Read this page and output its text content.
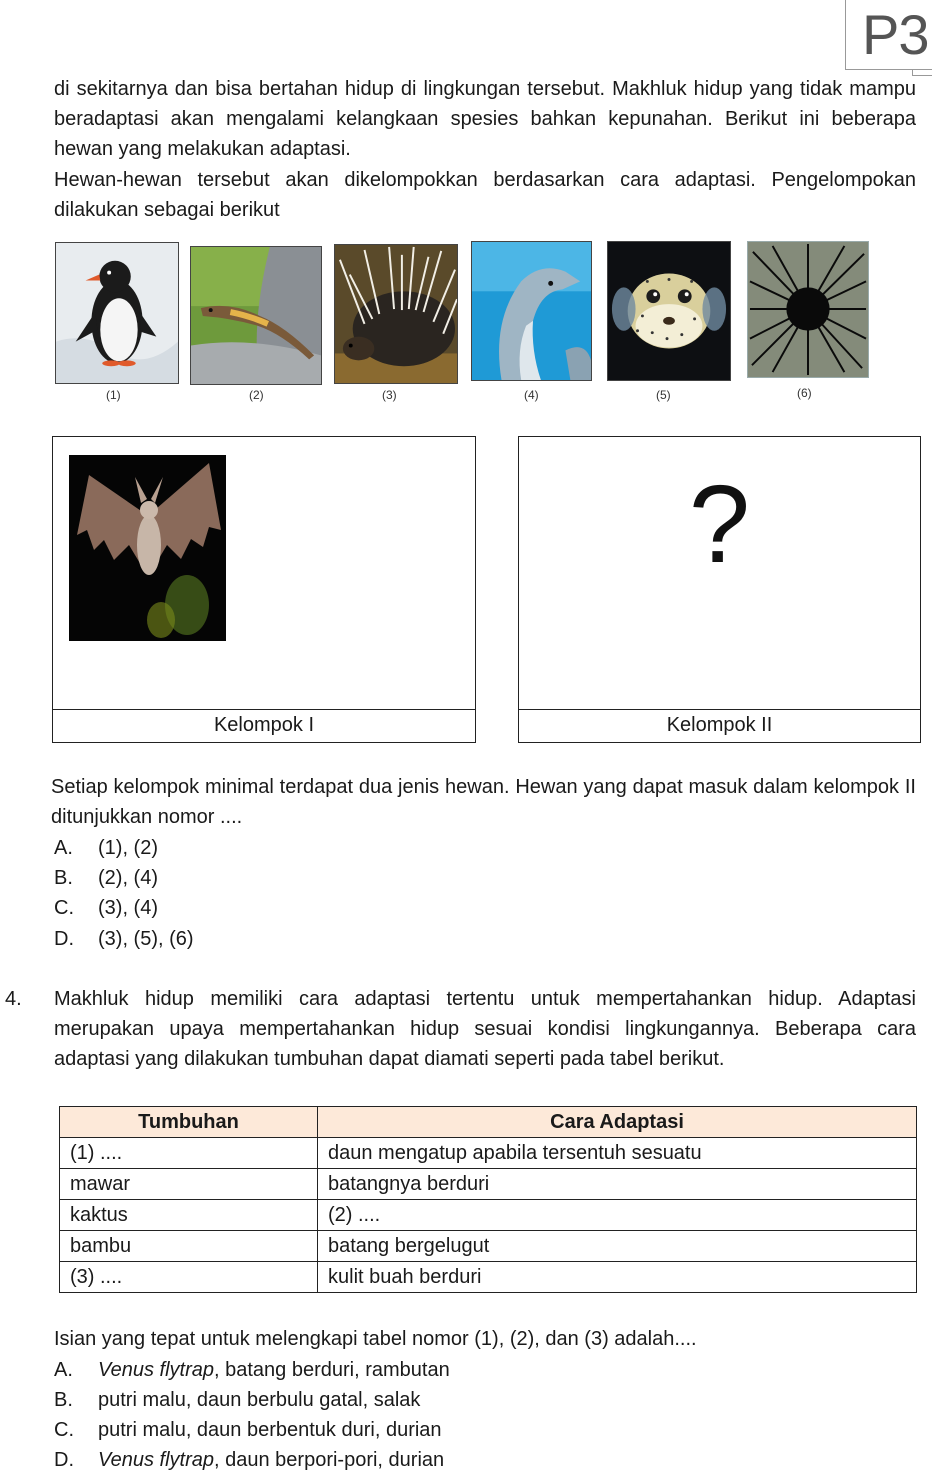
P3
di sekitarnya dan bisa bertahan hidup di lingkungan tersebut. Makhluk hidup yang tidak mampu beradaptasi akan mengalami kelangkaan spesies bahkan kepunahan. Berikut ini beberapa hewan yang melakukan adaptasi.
Hewan-hewan tersebut akan dikelompokkan berdasarkan cara adaptasi. Pengelompokan dilakukan sebagai berikut
(1)	(2)	(3)	(4)	(5)	(6)
Kelompok I
?
Kelompok II
Setiap kelompok minimal terdapat dua jenis hewan. Hewan yang dapat masuk dalam kelompok II ditunjukkan nomor ....
A. (1), (2)
B. (2), (4)
C. (3), (4)
D. (3), (5), (6)
4. Makhluk hidup memiliki cara adaptasi tertentu untuk mempertahankan hidup. Adaptasi merupakan upaya mempertahankan hidup sesuai kondisi lingkungannya. Beberapa cara adaptasi yang dilakukan tumbuhan dapat diamati seperti pada tabel berikut.
Tumbuhan	Cara Adaptasi
(1) ....	daun mengatup apabila tersentuh sesuatu
mawar	batangnya berduri
kaktus	(2) ....
bambu	batang bergelugut
(3) ....	kulit buah berduri
Isian yang tepat untuk melengkapi tabel nomor (1), (2), dan (3) adalah....
A. Venus flytrap, batang berduri, rambutan
B. putri malu, daun berbulu gatal, salak
C. putri malu, daun berbentuk duri, durian
D. Venus flytrap, daun berpori-pori, durian
